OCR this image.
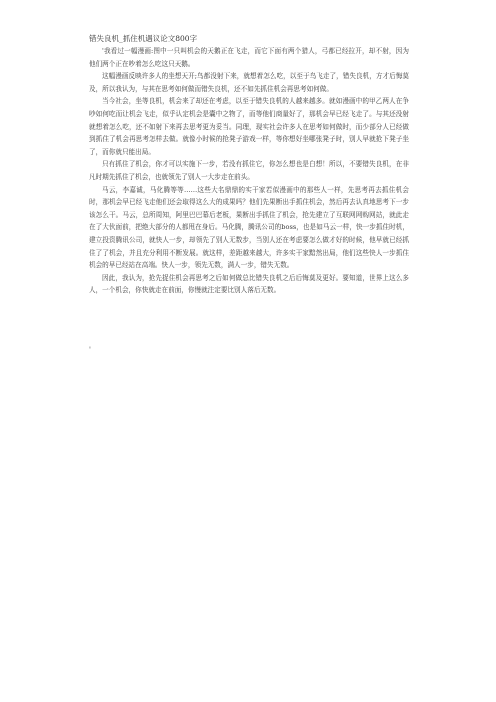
错失良机_抓住机遇议论文800字

'我看过一幅漫画:图中一只叫机会的天鹅正在飞走，而它下面有两个猎人，弓都已经拉开，却不射，因为他们两个正在吵着怎么吃这只天鹅。

这幅漫画反映许多人的坐想天开;鸟都没射下来，就想着怎么吃，以至于鸟飞走了，错失良机，方才后悔莫及，所以我认为，与其在思考如何做而错失良机，还不如先抓住机会再思考如何做。

当今社会，坐等良机，机会来了却还在考虑，以至于错失良机的人越来越多。就如漫画中的甲乙两人在争吵如何吃而让机会飞走，似乎认定机会是囊中之物了，而等他们商量好了，那机会早已经飞走了。与其还没射就想着怎么吃，还不如射下来再去思考更为妥当。同理，现实社会许多人在思考如何做时，而少部分人已经做到抓住了机会再思考怎样去做。就像小时候的抢凳子游戏一样，等你想好坐哪张凳子时，别人早就抢下凳子坐了，而你就只能出局。

只有抓住了机会，你才可以实施下一步，若没有抓住它，你怎么想也是白想！所以，不要错失良机，在非凡时期先抓住了机会，也就领先了别人一大步走在前头。

马云，李嘉诚，马化腾等等……这些大名鼎鼎的实干家若似漫画中的那些人一样，先思考再去抓住机会时，那机会早已经飞走他们还会取得这么大的成果吗？他们先果断出手抓住机会，然后再去认真地思考下一步该怎么干。马云，总所周知，阿里巴巴幕后老板，果断出手抓住了机会，抢先建立了互联网网购网站，就此走在了大伙面前，把绝大部分的人都甩在身后。马化腾，腾讯公司的boss，也是如马云一样，快一步抓住时机，建立投资腾讯公司，就快人一步，却领先了别人无数步，当别人还在考虑要怎么做才好的时候，他早就已经抓住了了机会，并且充分利用不断发展。就这样，差距越来越大，许多实干家黯然出局，他们这些快人一步抓住机会的早已经站在高端。快人一步，领先无数，满人一步，错失无数。

因此，我认为，抢先捉住机会再思考之后如何做总比错失良机之后后悔莫及更好。要知道，世界上这么多人，一个机会，你快就走在前面，你慢就注定要比别人落后无数。

'
